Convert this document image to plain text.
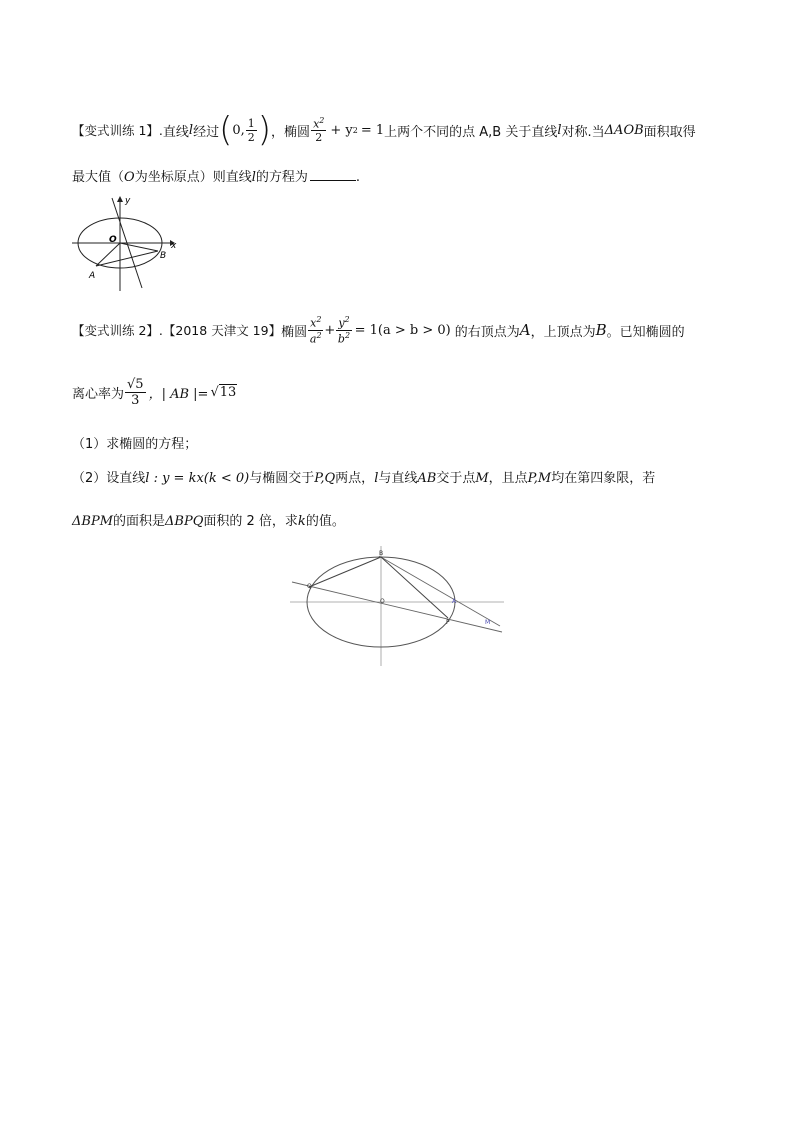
【变式训练 1】. 直线 l 经过 ( 0, $\frac{1}{2}$ ) ，椭圆 $\frac{x^2}{2} + y$ 2 = 1 上两个不同的点 A,B 关于直线 l 对称.当 ΔAOB 面积取得
最大值（O为坐标原点）则直线l的方程为	.
y
x
O
A
B
【变式训练 2】. 【2018 天津文 19】 椭圆 $\frac{x^2}{a^2} + \frac{y^2}{b^2} = 1(a > b > 0)$ 的右顶点为 A ，上顶点为 B 。已知椭圆的
离心率为 $\frac{√5}{3}$ ，| AB |= √ 13
（1）求椭圆的方程；
（2）设直线l : y = kx(k < 0)与椭圆交于P,Q两点，l与直线AB交于点M，且点P,M均在第四象限，若
ΔBPM的面积是ΔBPQ面积的 2 倍，求k的值。
B
Q
O	A
P	M
